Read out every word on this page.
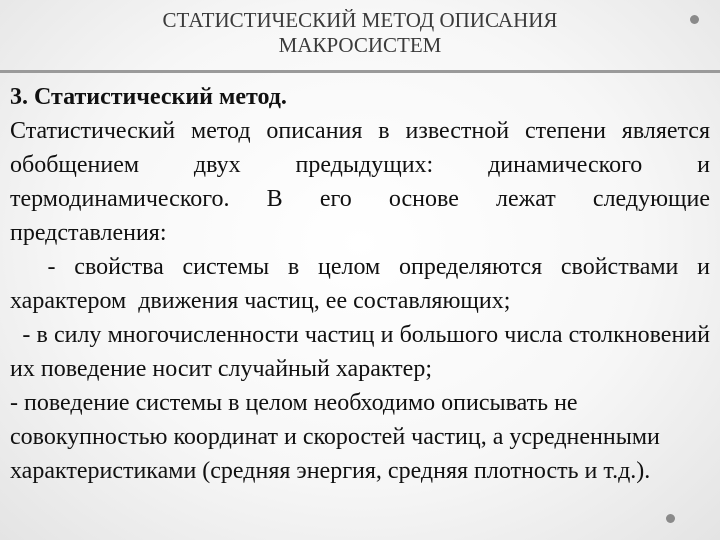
СТАТИСТИЧЕСКИЙ МЕТОД ОПИСАНИЯ
МАКРОСИСТЕМ

3. Статистический метод.

Статистический метод описания в известной степени является обобщением двух предыдущих: динамического и термодинамического. В его основе лежат следующие представления:

- свойства системы в целом определяются свойствами и характером  движения частиц, ее составляющих;

- в силу многочисленности частиц и большого числа столкновений их поведение носит случайный характер;

- поведение системы в целом необходимо описывать не совокупностью координат и скоростей частиц, а усредненными характеристиками (средняя энергия, средняя плотность и т.д.).
